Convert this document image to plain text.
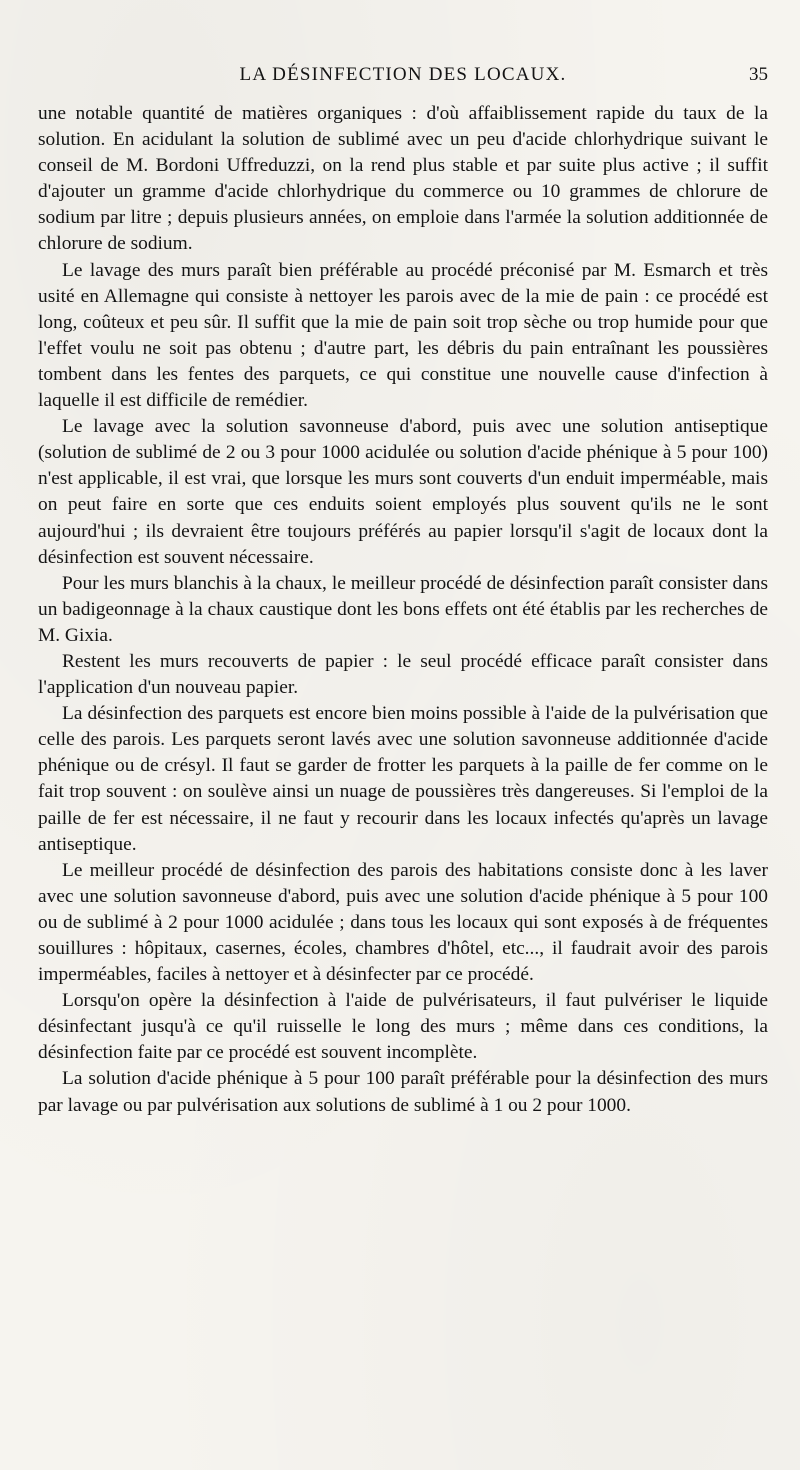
LA DÉSINFECTION DES LOCAUX.	35

une notable quantité de matières organiques : d'où affaiblissement rapide du taux de la solution. En acidulant la solution de sublimé avec un peu d'acide chlorhydrique suivant le conseil de M. Bordoni Uffreduzzi, on la rend plus stable et par suite plus active ; il suffit d'ajouter un gramme d'acide chlorhydrique du commerce ou 10 grammes de chlorure de sodium par litre ; depuis plusieurs années, on emploie dans l'armée la solution additionnée de chlorure de sodium.

Le lavage des murs paraît bien préférable au procédé préconisé par M. Esmarch et très usité en Allemagne qui consiste à nettoyer les parois avec de la mie de pain : ce procédé est long, coûteux et peu sûr. Il suffit que la mie de pain soit trop sèche ou trop humide pour que l'effet voulu ne soit pas obtenu ; d'autre part, les débris du pain entraînant les poussières tombent dans les fentes des parquets, ce qui constitue une nouvelle cause d'infection à laquelle il est difficile de remédier.

Le lavage avec la solution savonneuse d'abord, puis avec une solution antiseptique (solution de sublimé de 2 ou 3 pour 1000 acidulée ou solution d'acide phénique à 5 pour 100) n'est applicable, il est vrai, que lorsque les murs sont couverts d'un enduit imperméable, mais on peut faire en sorte que ces enduits soient employés plus souvent qu'ils ne le sont aujourd'hui ; ils devraient être toujours préférés au papier lorsqu'il s'agit de locaux dont la désinfection est souvent nécessaire.

Pour les murs blanchis à la chaux, le meilleur procédé de désinfection paraît consister dans un badigeonnage à la chaux caustique dont les bons effets ont été établis par les recherches de M. Gixia.

Restent les murs recouverts de papier : le seul procédé efficace paraît consister dans l'application d'un nouveau papier.

La désinfection des parquets est encore bien moins possible à l'aide de la pulvérisation que celle des parois. Les parquets seront lavés avec une solution savonneuse additionnée d'acide phénique ou de crésyl. Il faut se garder de frotter les parquets à la paille de fer comme on le fait trop souvent : on soulève ainsi un nuage de poussières très dangereuses. Si l'emploi de la paille de fer est nécessaire, il ne faut y recourir dans les locaux infectés qu'après un lavage antiseptique.

Le meilleur procédé de désinfection des parois des habitations consiste donc à les laver avec une solution savonneuse d'abord, puis avec une solution d'acide phénique à 5 pour 100 ou de sublimé à 2 pour 1000 acidulée ; dans tous les locaux qui sont exposés à de fréquentes souillures : hôpitaux, casernes, écoles, chambres d'hôtel, etc..., il faudrait avoir des parois imperméables, faciles à nettoyer et à désinfecter par ce procédé.

Lorsqu'on opère la désinfection à l'aide de pulvérisateurs, il faut pulvériser le liquide désinfectant jusqu'à ce qu'il ruisselle le long des murs ; même dans ces conditions, la désinfection faite par ce procédé est souvent incomplète.

La solution d'acide phénique à 5 pour 100 paraît préférable pour la désinfection des murs par lavage ou par pulvérisation aux solutions de sublimé à 1 ou 2 pour 1000.
